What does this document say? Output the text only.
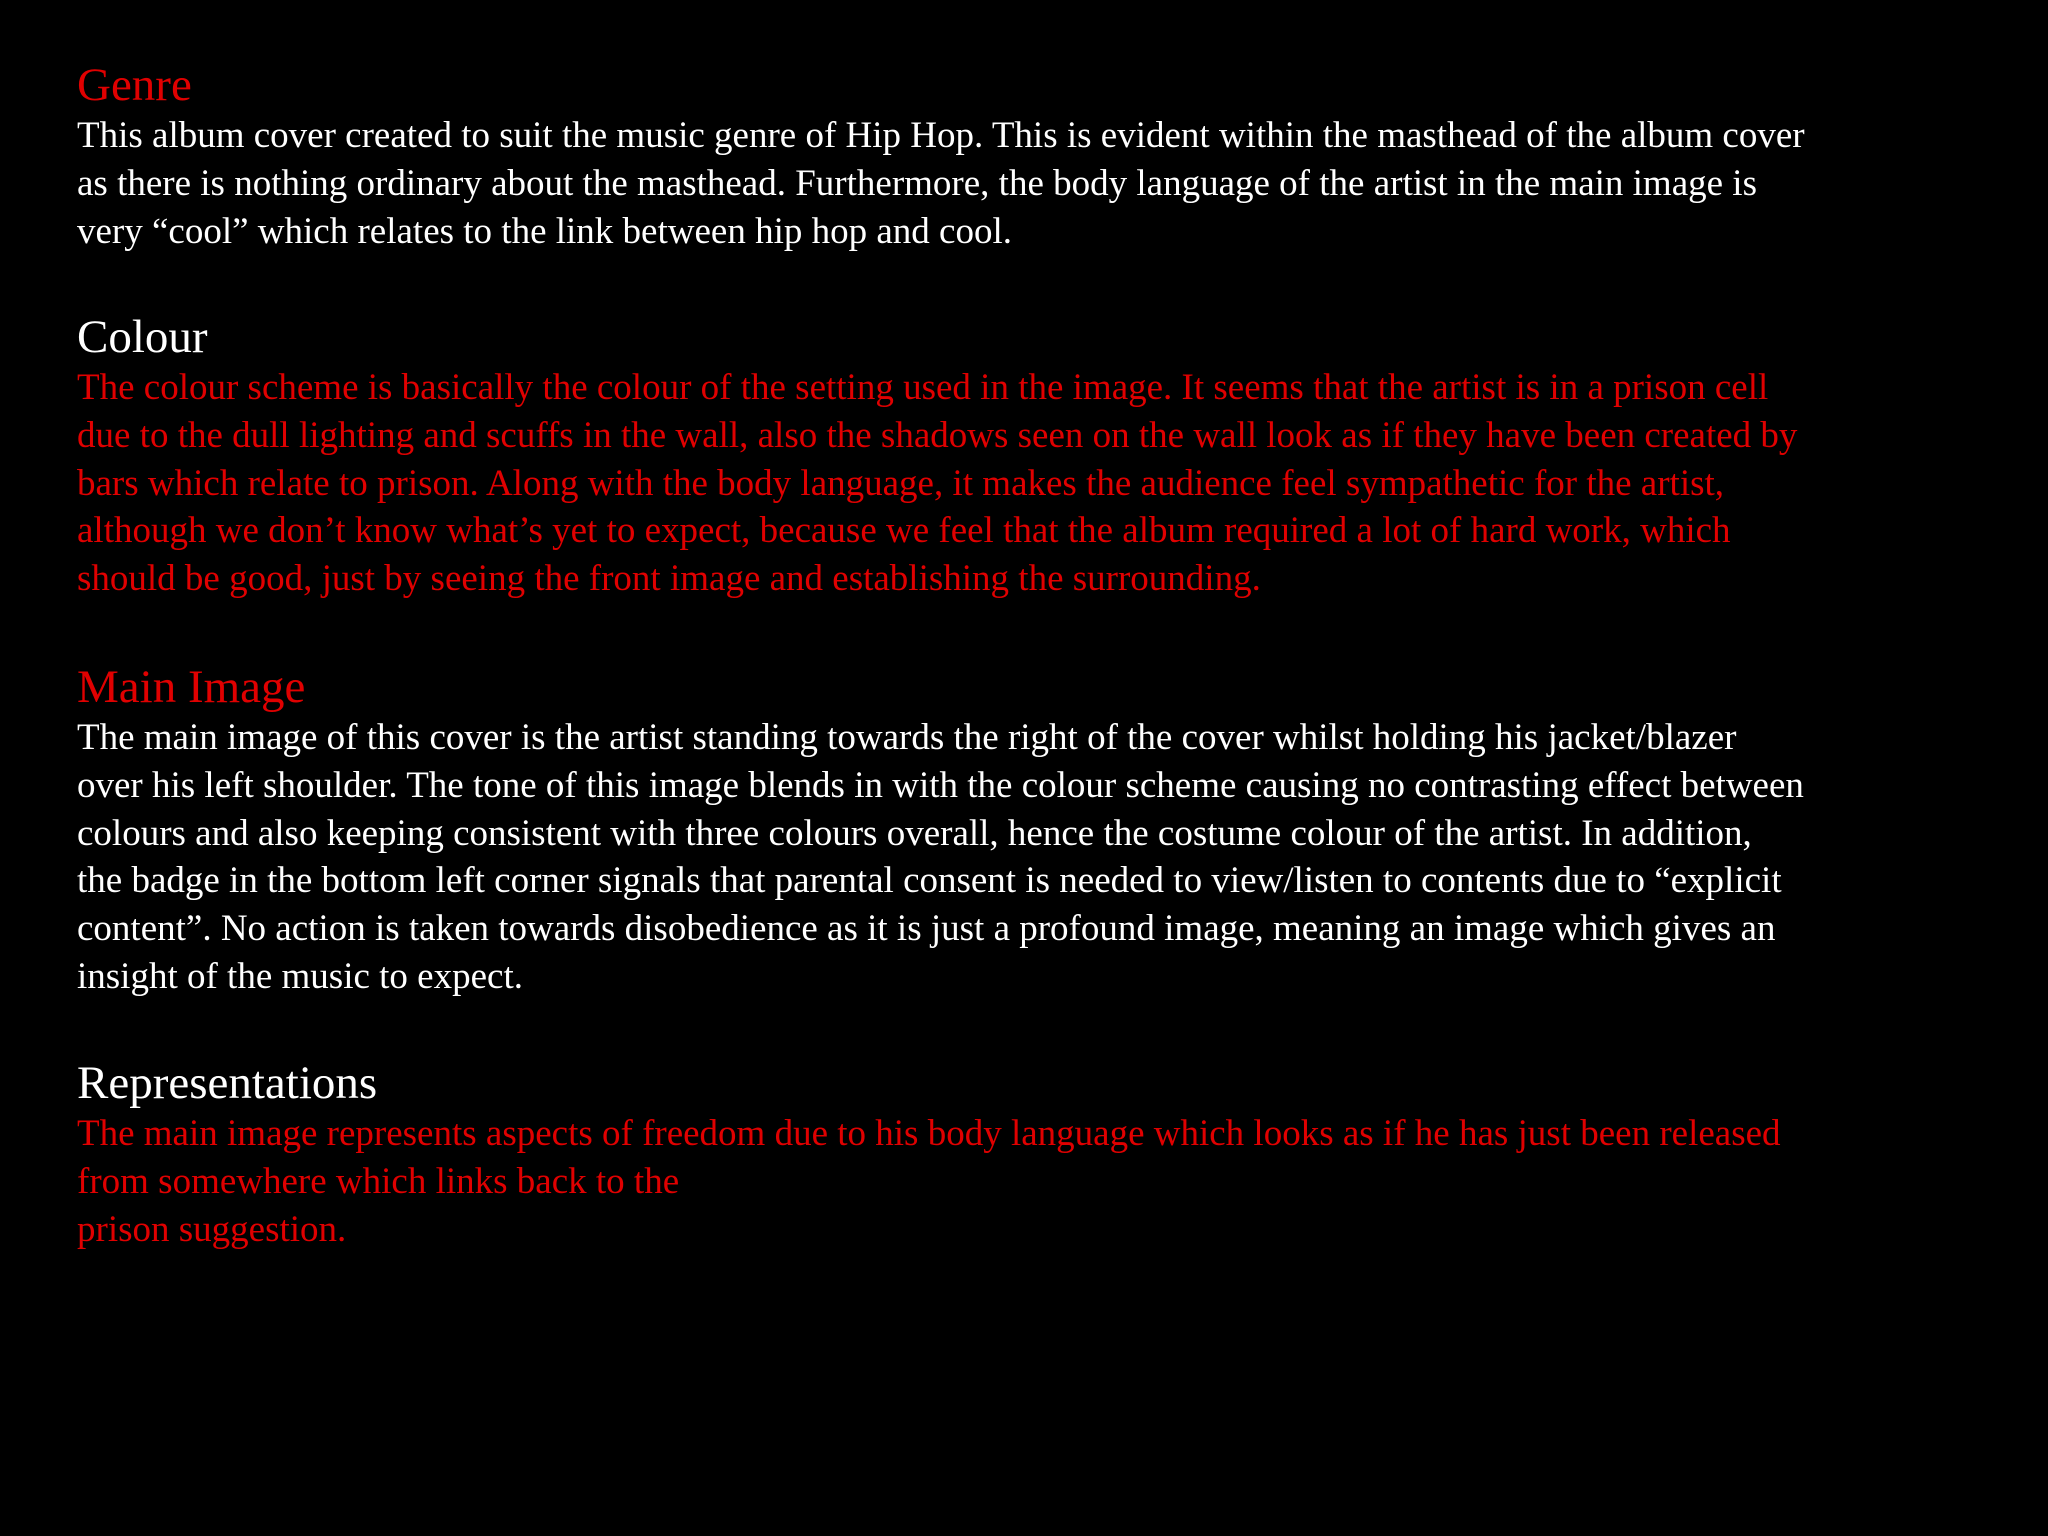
Genre

This album cover created to suit the music genre of Hip Hop. This is evident within the masthead of the album cover
as there is nothing ordinary about the masthead. Furthermore, the body language of the artist in the main image is
very “cool” which relates to the link between hip hop and cool.

Colour

The colour scheme is basically the colour of the setting used in the image. It seems that the artist is in a prison cell
due to the dull lighting and scuffs in the wall, also the shadows seen on the wall look as if they have been created by
bars which relate to prison. Along with the body language, it makes the audience feel sympathetic for the artist,
although we don’t know what’s yet to expect, because we feel that the album required a lot of hard work, which
should be good, just by seeing the front image and establishing the surrounding.

Main Image

The main image of this cover is the artist standing towards the right of the cover whilst holding his jacket/blazer
over his left shoulder. The tone of this image blends in with the colour scheme causing no contrasting effect between
colours and also keeping consistent with three colours overall, hence the costume colour of the artist. In addition,
the badge in the bottom left corner signals that parental consent is needed to view/listen to contents due to “explicit
content”. No action is taken towards disobedience as it is just a profound image, meaning an image which gives an
insight of the music to expect.

Representations

The main image represents aspects of freedom due to his body language which looks as if he has just been released
from somewhere which links back to the
prison suggestion.
